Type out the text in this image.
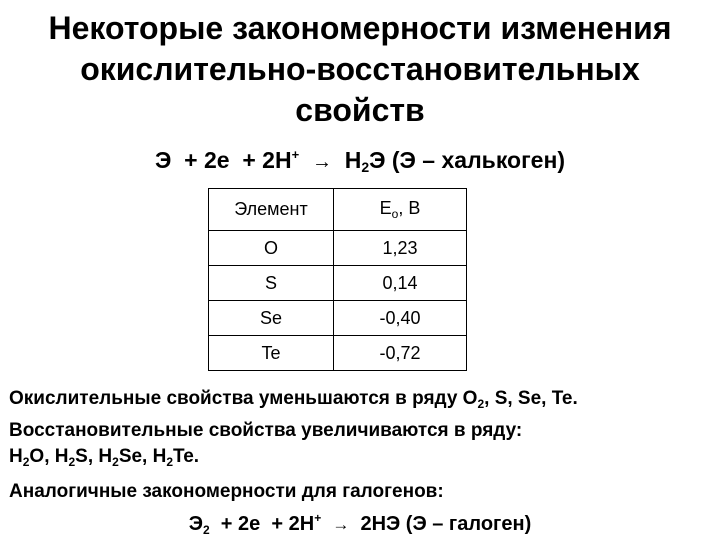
Некоторые закономерности изменения
окислительно-восстановительных
свойств
$Э + 2e + 2H^+ \to H_2Э$ (Э – халькоген)
Элемент	$E_o$, В
O	1,23
S	0,14
Se	-0,40
Te	-0,72
Окислительные свойства уменьшаются в ряду $O_2$, S, Se, Te.
Восстановительные свойства увеличиваются в ряду:
$H_2O$, $H_2S$, $H_2Se$, $H_2Te$.
Аналогичные закономерности для галогенов:
$Э_2 + 2e + 2H^+ \to 2HЭ$ (Э – галоген)
